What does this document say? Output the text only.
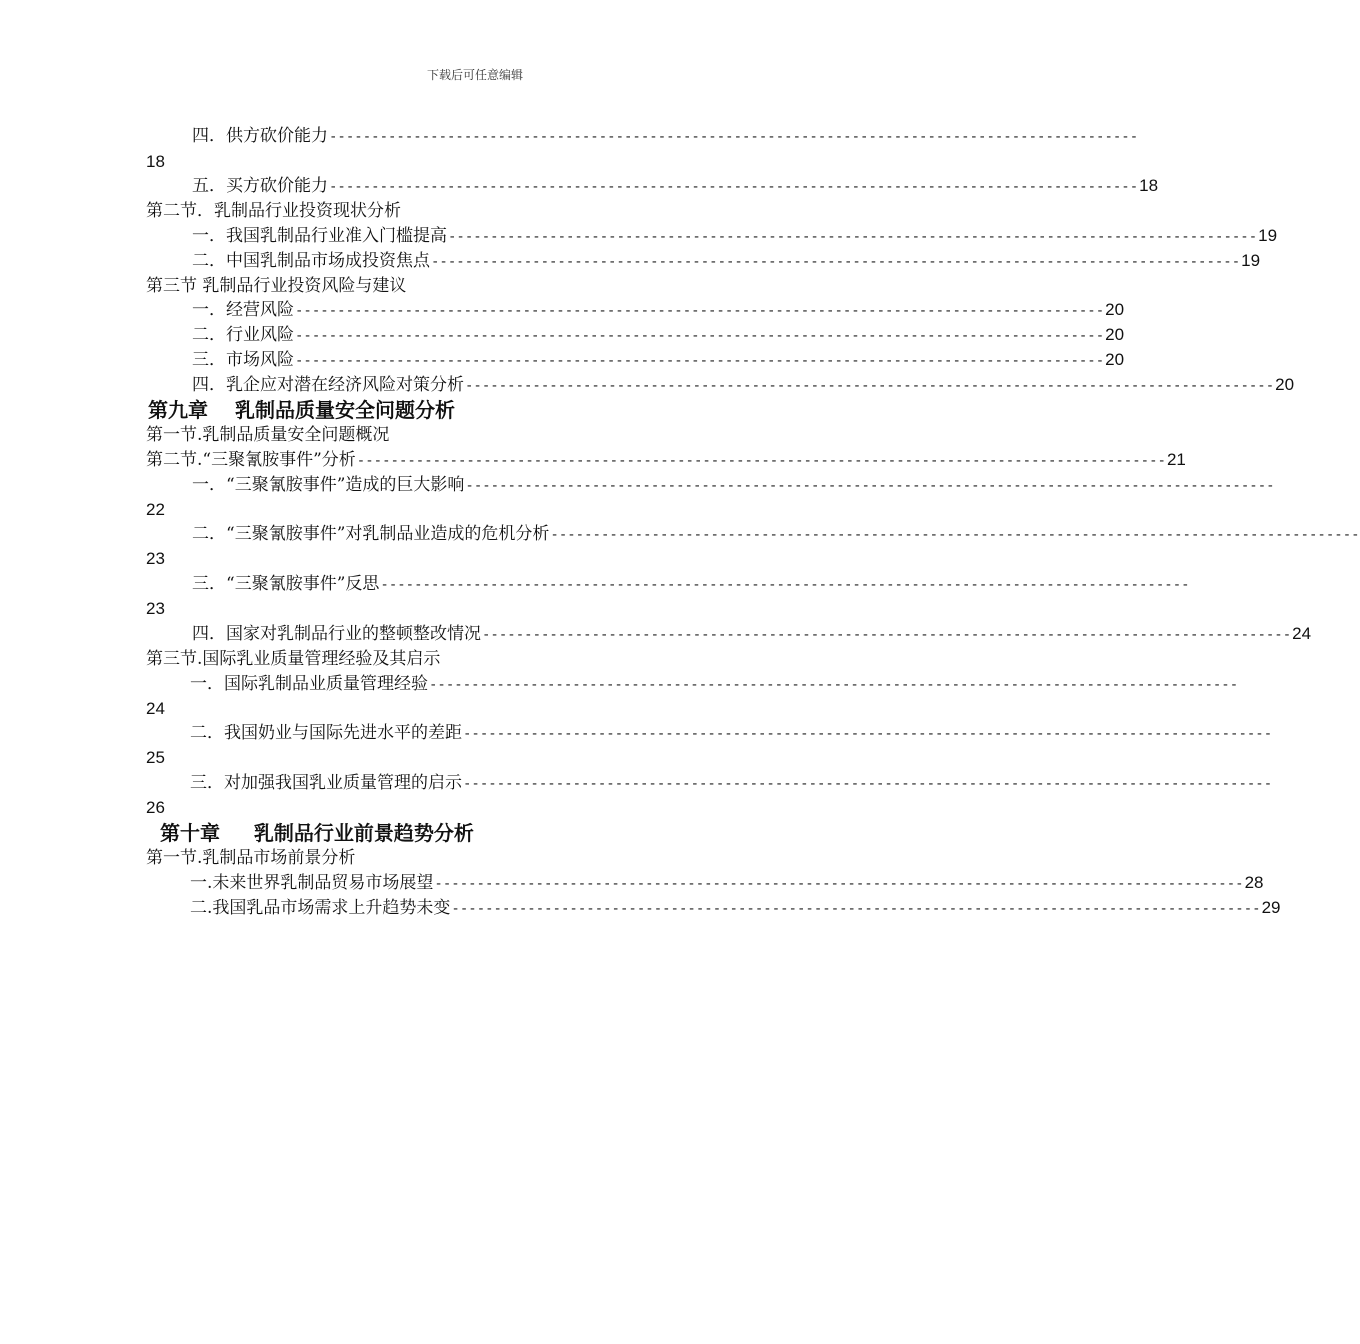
下载后可任意编辑
四．供方砍价能力 ------------------------------------------------------------------------------------------------
18
五．买方砍价能力 ------------------------------------------------------------------------------------------------ 18
第二节．乳制品行业投资现状分析
一．我国乳制品行业准入门槛提高 ------------------------------------------------------------------------------------------------ 19
二．中国乳制品市场成投资焦点 ------------------------------------------------------------------------------------------------ 19
第三节 乳制品行业投资风险与建议
一．经营风险 ------------------------------------------------------------------------------------------------ 20
二．行业风险 ------------------------------------------------------------------------------------------------ 20
三．市场风险 ------------------------------------------------------------------------------------------------ 20
四．乳企应对潜在经济风险对策分析 ------------------------------------------------------------------------------------------------ 20
第九章　 乳制品质量安全问题分析
第一节.乳制品质量安全问题概况
第二节.“三聚氰胺事件”分析 ------------------------------------------------------------------------------------------------ 21
一．“三聚氰胺事件”造成的巨大影响 ------------------------------------------------------------------------------------------------
22
二．“三聚氰胺事件”对乳制品业造成的危机分析 ------------------------------------------------------------------------------------------------
23
三．“三聚氰胺事件”反思 ------------------------------------------------------------------------------------------------
23
四．国家对乳制品行业的整顿整改情况 ------------------------------------------------------------------------------------------------ 24
第三节.国际乳业质量管理经验及其启示
一．国际乳制品业质量管理经验 ------------------------------------------------------------------------------------------------
24
二．我国奶业与国际先进水平的差距 ------------------------------------------------------------------------------------------------
25
三．对加强我国乳业质量管理的启示 ------------------------------------------------------------------------------------------------
26
第十章 　 乳制品行业前景趋势分析
第一节.乳制品市场前景分析
一.未来世界乳制品贸易市场展望 ------------------------------------------------------------------------------------------------ 28
二.我国乳品市场需求上升趋势未变 ------------------------------------------------------------------------------------------------ 29
